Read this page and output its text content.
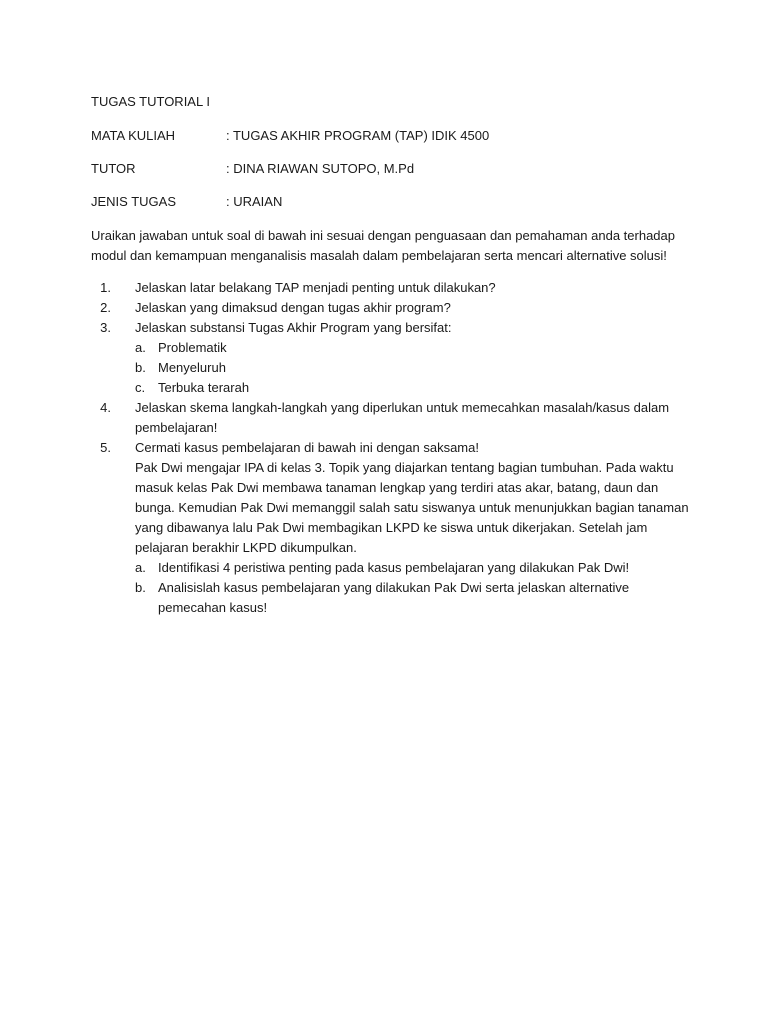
TUGAS TUTORIAL I
MATA KULIAH	: TUGAS AKHIR PROGRAM (TAP) IDIK 4500
TUTOR	: DINA RIAWAN SUTOPO, M.Pd
JENIS TUGAS	: URAIAN
Uraikan jawaban untuk soal di bawah ini sesuai dengan penguasaan dan pemahaman anda terhadap modul dan kemampuan menganalisis masalah dalam pembelajaran serta mencari alternative solusi!
1.	Jelaskan latar belakang TAP menjadi penting untuk dilakukan?
2.	Jelaskan yang dimaksud dengan tugas akhir program?
3.	Jelaskan substansi Tugas Akhir Program yang bersifat:
a. Problematik
b. Menyeluruh
c. Terbuka terarah
4.	Jelaskan skema langkah-langkah yang diperlukan untuk memecahkan masalah/kasus dalam pembelajaran!
5.	Cermati kasus pembelajaran di bawah ini dengan saksama!
Pak Dwi mengajar IPA di kelas 3. Topik yang diajarkan tentang bagian tumbuhan. Pada waktu masuk kelas Pak Dwi membawa tanaman lengkap yang terdiri atas akar, batang, daun dan bunga. Kemudian Pak Dwi memanggil salah satu siswanya untuk menunjukkan bagian tanaman yang dibawanya lalu Pak Dwi membagikan LKPD ke siswa untuk dikerjakan. Setelah jam pelajaran berakhir LKPD dikumpulkan.
a. Identifikasi 4 peristiwa penting pada kasus pembelajaran yang dilakukan Pak Dwi!
b. Analisislah kasus pembelajaran yang dilakukan Pak Dwi serta jelaskan alternative pemecahan kasus!
